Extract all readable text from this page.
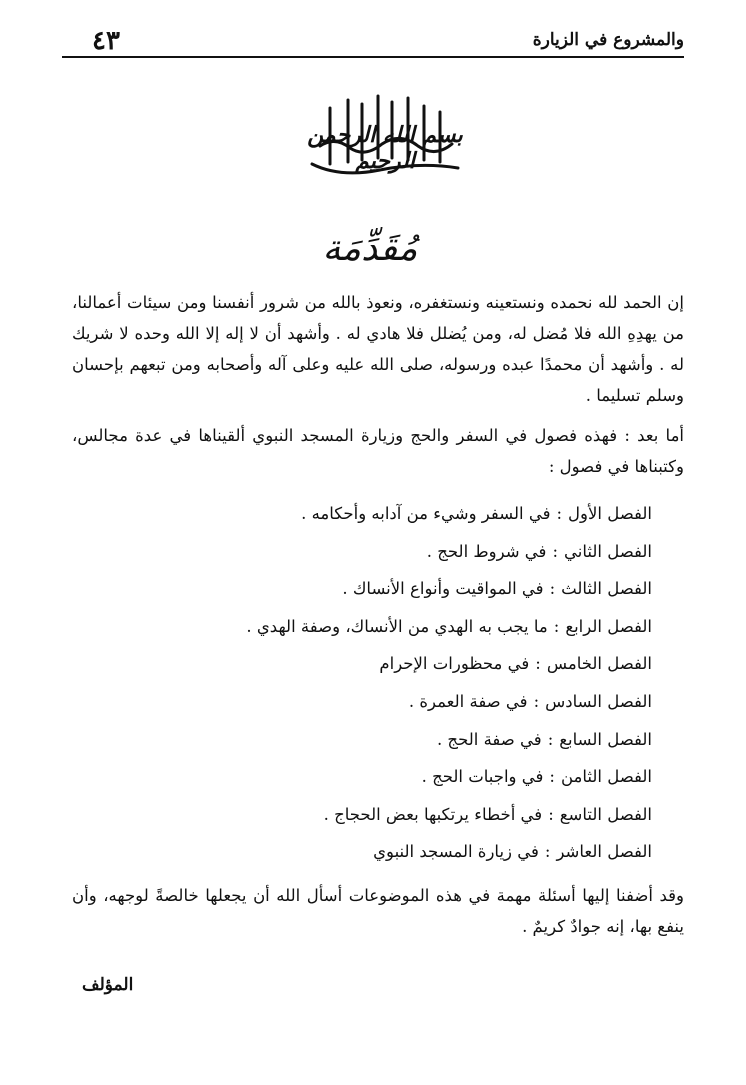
٤٣	والمشروع في الزيارة
بسم الله الرحمن الرحيم
مُقَدِّمَة

إن الحمد لله نحمده ونستعينه ونستغفره، ونعوذ بالله من شرور أنفسنا ومن سيئات أعمالنا، من يهدِهِ الله فلا مُضل له، ومن يُضلل فلا هادي له . وأشهد أن لا إله إلا الله وحده لا شريك له . وأشهد أن محمدًا عبده ورسوله، صلى الله عليه وعلى آله وأصحابه ومن تبعهم بإحسان وسلم تسليما .

أما بعد : فهذه فصول في السفر والحج وزيارة المسجد النبوي ألقيناها في عدة مجالس، وكتبناها في فصول :

الفصل الأول:في السفر وشيء من آدابه وأحكامه .
الفصل الثاني:في شروط الحج .
الفصل الثالث:في المواقيت وأنواع الأنساك .
الفصل الرابع:ما يجب به الهدي من الأنساك، وصفة الهدي .
الفصل الخامس:في محظورات الإحرام
الفصل السادس:في صفة العمرة .
الفصل السابع:في صفة الحج .
الفصل الثامن:في واجبات الحج .
الفصل التاسع:في أخطاء يرتكبها بعض الحجاج .
الفصل العاشر:في زيارة المسجد النبوي

وقد أضفنا إليها أسئلة مهمة في هذه الموضوعات أسأل الله أن يجعلها خالصةً لوجهه، وأن ينفع بها، إنه جوادٌ كريمٌ .

المؤلف
